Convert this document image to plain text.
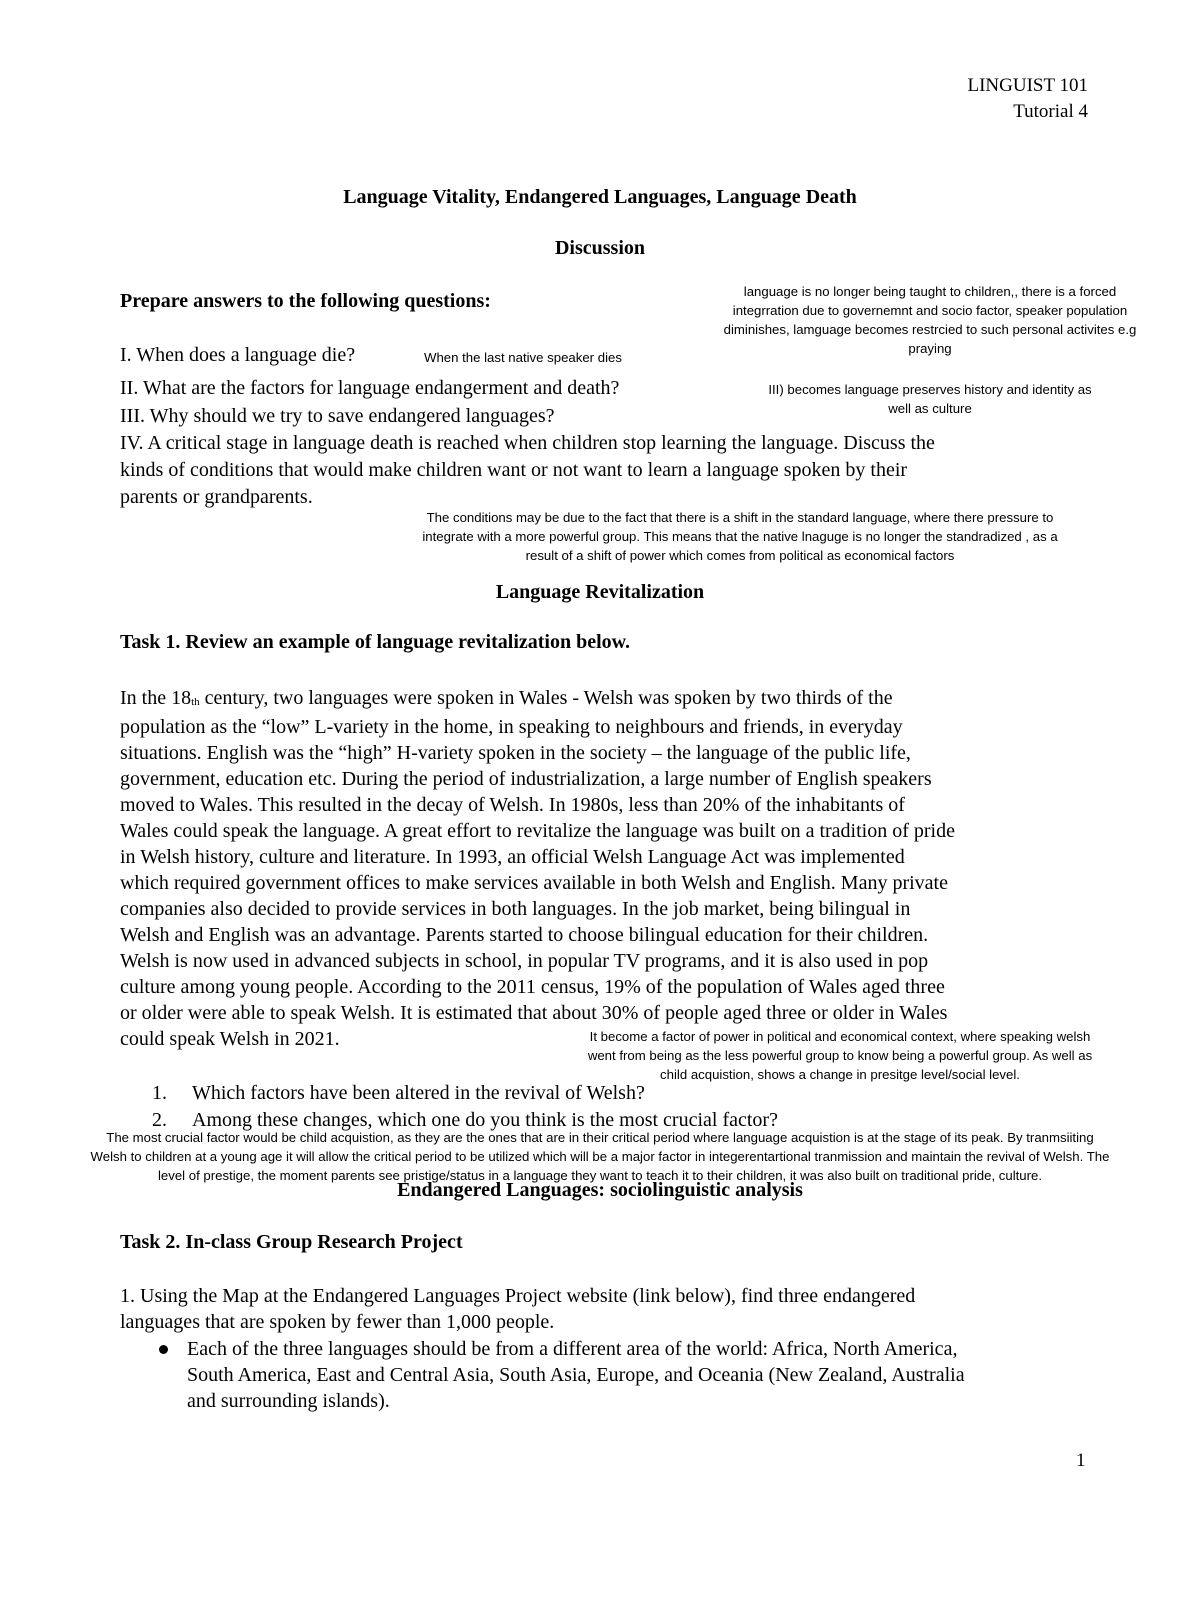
LINGUIST 101
Tutorial 4
Language Vitality, Endangered Languages, Language Death
Discussion
Prepare answers to the following questions:
I. When does a language die?
II. What are the factors for language endangerment and death?
III. Why should we try to save endangered languages?
IV. A critical stage in language death is reached when children stop learning the language. Discuss the
kinds of conditions that would make children want or not want to learn a language spoken by their
parents or grandparents.
When the last native speaker dies
language is no longer being taught to children,, there is a forced
integrration due to governemnt and socio factor, speaker population
diminishes, lamguage becomes restrcied to such personal activites e.g
praying
III) becomes language preserves history and identity as
well as culture
The conditions may be due to the fact that there is a shift in the standard language, where there pressure to
integrate with a more powerful group. This means that the native lnaguge is no longer the standradized , as a
result of a shift of power which comes from political as economical factors
Language Revitalization
Task 1. Review an example of language revitalization below.
In the $18_{th}$ century, two languages were spoken in Wales - Welsh was spoken by two thirds of the
population as the “low” L-variety in the home, in speaking to neighbours and friends, in everyday
situations. English was the “high” H-variety spoken in the society – the language of the public life,
government, education etc. During the period of industrialization, a large number of English speakers
moved to Wales. This resulted in the decay of Welsh. In 1980s, less than 20% of the inhabitants of
Wales could speak the language. A great effort to revitalize the language was built on a tradition of pride
in Welsh history, culture and literature. In 1993, an official Welsh Language Act was implemented
which required government offices to make services available in both Welsh and English. Many private
companies also decided to provide services in both languages. In the job market, being bilingual in
Welsh and English was an advantage. Parents started to choose bilingual education for their children.
Welsh is now used in advanced subjects in school, in popular TV programs, and it is also used in pop
culture among young people. According to the 2011 census, 19% of the population of Wales aged three
or older were able to speak Welsh. It is estimated that about 30% of people aged three or older in Wales
could speak Welsh in 2021.	It become a factor of power in political and economical context, where speaking welsh
went from being as the less powerful group to know being a powerful group. As well as
child acquistion, shows a change in presitge level/social level.
1. Which factors have been altered in the revival of Welsh?
2. Among these changes, which one do you think is the most crucial factor?
Endangered Languages: sociolinguistic analysis
The most crucial factor would be child acquistion, as they are the ones that are in their critical period where language acquistion is at the stage of its peak. By tranmsiiting
Welsh to children at a young age it will allow the critical period to be utilized which will be a major factor in integerentartional tranmission and maintain the revival of Welsh. The
level of prestige, the moment parents see pristige/status in a language they want to teach it to their children, it was also built on traditional pride, culture.
Task 2. In-class Group Research Project
1. Using the Map at the Endangered Languages Project website (link below), find three endangered
languages that are spoken by fewer than 1,000 people.
Each of the three languages should be from a different area of the world: Africa, North America,
South America, East and Central Asia, South Asia, Europe, and Oceania (New Zealand, Australia
and surrounding islands).
1
